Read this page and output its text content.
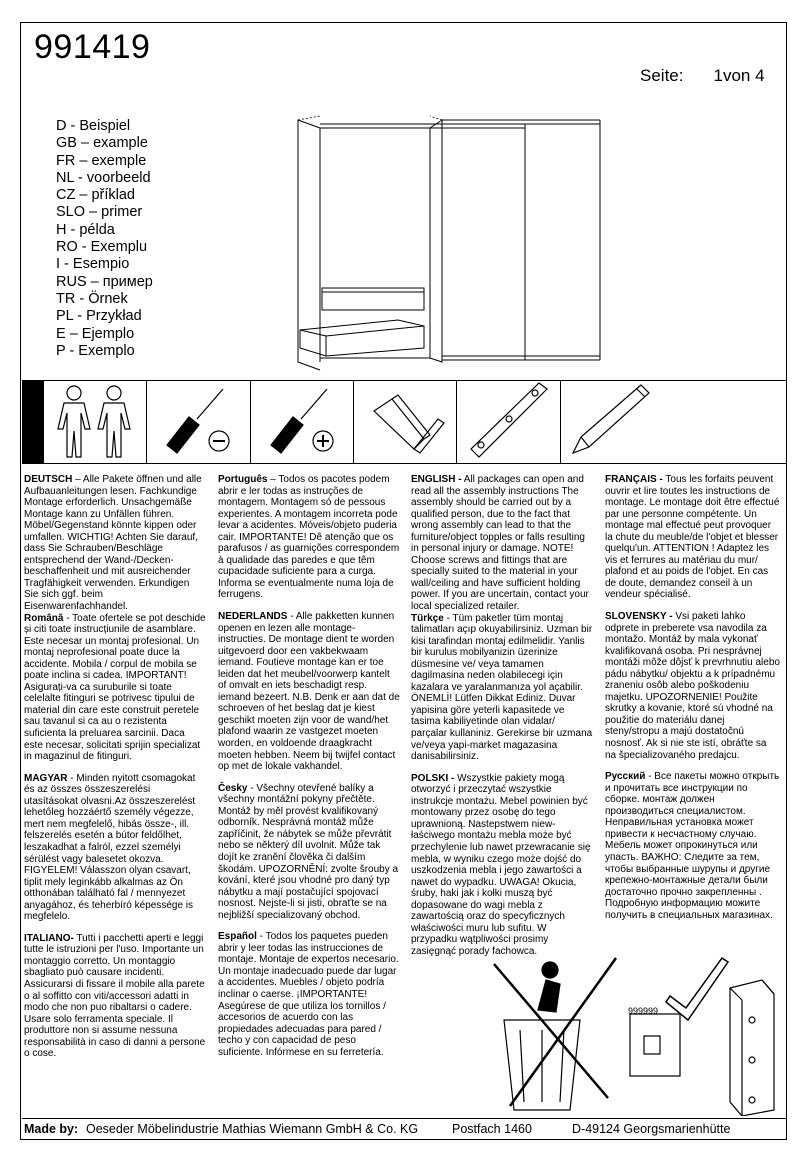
991419
Seite: 1von 4
D - Beispiel
GB – example
FR – exemple
NL - voorbeeld
CZ – příklad
SLO – primer
H - példa
RO - Exemplu
I - Esempio
RUS – пример
TR - Örnek
PL - Przykład
E – Ejemplo
P - Exemplo

DEUTSCH – Alle Pakete öffnen und alle Aufbauanleitungen lesen. Fachkundige Montage erforderlich. Unsachgemäße Montage kann zu Unfällen führen. Möbel/Gegenstand könnte kippen oder umfallen. WICHTIG! Achten Sie darauf, dass Sie Schrauben/Beschläge entsprechend der Wand-/Decken-beschaffenheit und mit ausreichender Tragfähigkeit verwenden. Erkundigen Sie sich ggf. beim Eisenwarenfachhandel.

Română - Toate ofertele se pot deschide și citi toate instrucțiunile de asamblare. Este necesar un montaj profesional. Un montaj neprofesional poate duce la accidente. Mobila / corpul de mobila se poate inclina si cadea. IMPORTANT! Asigurați-va ca suruburile si toate celelalte fitinguri se potrivesc tipului de material din care este construit peretele sau tavanul si ca au o rezistenta suficienta la preluarea sarcinii. Daca este necesar, solicitati sprijin specializat in magazinul de fitinguri.

MAGYAR - Minden nyitott csomagokat és az összes összeszerelési utasításokat olvasni.Az összeszerelést lehetőleg hozzáértő személy végezze, mert nem megfelelő, hibás össze-, ill. felszerelés esetén a bútor feldőlhet, leszakadhat a falról, ezzel személyi sérülést vagy balesetet okozva. FIGYELEM! Válasszon olyan csavart, tiplit mely leginkább alkalmas az Ön otthonában található fal / mennyezet anyagához, és teherbíró képessége is megfelelo.

ITALIANO- Tutti i pacchetti aperti e leggi tutte le istruzioni per l'uso. Importante un montaggio corretto. Un montaggio sbagliato può causare incidenti. Assicurarsi di fissare il mobile alla parete o al soffitto con viti/accessori adatti in modo che non puo ribaltarsi o cadere. Usare solo ferramenta speciale. Il produttore non si assume nessuna responsabilità in caso di danni a persone o cose.

Português – Todos os pacotes podem abrir e ler todas as instruções de montagem. Montagem só de pessous experientes. A montagem incorreta pode levar a acidentes. Móveis/objeto puderia cair. IMPORTANTE! Dê atenção que os parafusos / as guarnições correspondem à qualidade das paredes e que têm cupacidade suficiente para a curga. Informa se eventualmente numa loja de ferrugens.

NEDERLANDS - Alle pakketten kunnen openen en lezen alle montage-instructies. De montage dient te worden uitgevoerd door een vakbekwaam iemand. Foutieve montage kan er toe leiden dat het meubel/voorwerp kantelt of omvalt en iets beschadigt resp. iemand bezeert. N.B. Denk er aan dat de schroeven of het beslag dat je kiest geschikt moeten zijn voor de wand/het plafond waarin ze vastgezet moeten worden, en voldoende draagkracht moeten hebben. Neem bij twijfel contact op met de lokale vakhandel.

Česky - Všechny otevřené balíky a všechny montážní pokyny přečtěte. Montáž by měl provést kvalifikovaný odborník. Nesprávná montáž může zapříčinit, že nábytek se může převrátit nebo se některý díl uvolnit. Může tak dojít ke zranění člověka či dalším škodám. UPOZORNĚNÍ: zvolte šrouby a kování, které jsou vhodné pro daný typ nábytku a mají postačující spojovací nosnost. Nejste-li si jisti, obraťte se na nejbližší specializovaný obchod.

Español - Todos los paquetes pueden abrir y leer todas las instrucciones de montaje. Montaje de expertos necesario. Un montaje inadecuado puede dar lugar a accidentes. Muebles / objeto podría inclinar o caerse. ¡IMPORTANTE! Asegúrese de que utiliza los tornillos / accesorios de acuerdo con las propiedades adecuadas para pared / techo y con capacidad de peso suficiente. Infórmese en su ferretería.

ENGLISH - All packages can open and read all the assembly instructions The assembly should be carried out by a qualified person, due to the fact that wrong assembly can lead to that the furniture/object topples or falls resulting in personal injury or damage. NOTE! Choose screws and fittings that are specially suited to the material in your wall/ceiling and have sufficient holding power. If you are uncertain, contact your local specialized retailer.

Türkçe - Tüm paketler tüm montaj talimatları açıp okuyabilirsiniz. Uzman bir kisi tarafindan montaj edilmelidir. Yanlis bir kurulus mobilyanizin üzerinize düsmesine ve/ veya tamamen dagilmasina neden olabilecegi için kazalara ve yaralanmanıza yol açabilir. ÖNEMLİ! Lütfen Dikkat Ediniz. Duvar yapisina göre yeterli kapasitede ve tasima kabiliyetinde olan vidalar/ parçalar kullaniniz. Gerekirse bir uzmana ve/veya yapi-market magazasina danisabilirsiniz.

POLSKI - Wszystkie pakiety mogą otworzyć i przeczytać wszystkie instrukcje montażu. Mebel powinien być montowany przez osobę do tego uprawnioną. Nastepstwem niew-łaściwego montażu mebla może być przechylenie lub nawet przewracanie się mebla, w wyniku czego może dojść do uszkodzenia mebla i jego zawartości a nawet do wypadku. UWAGA! Okucia, śruby, haki jak i kołki muszą być dopasowane do wagi mebla z zawartością oraz do specyficznych właściwości muru lub sufitu. W przypadku wątpliwości prosimy zasięgnąć porady fachowca.

FRANÇAIS - Tous les forfaits peuvent ouvrir et lire toutes les instructions de montage. Le montage doit être effectué par une personne compétente. Un montage mal effectué peut provoquer la chute du meuble/de l'objet et blesser quelqu'un. ATTENTION ! Adaptez les vis et ferrures au matériau du mur/ plafond et au poids de l'objet. En cas de doute, demandez conseil à un vendeur spécialisé.

SLOVENSKY - Vsi paketi lahko odprete in preberete vsa navodila za montažo. Montáž by mala vykonať kvalifikovaná osoba. Pri nesprávnej montáži môže dôjsť k prevrhnutiu alebo pádu nábytku/ objektu a k prípadnému zraneniu osôb alebo poškodeniu majetku. UPOZORNENIE! Použite skrutky a kovanie, ktoré sú vhodné na použitie do materiálu danej steny/stropu a majú dostatočnú nosnosť. Ak si nie ste istí, obráťte sa na špecializovaného predajcu.

Русский - Все пакеты можно открыть и прочитать все инструкции по сборке. монтаж должен производиться специалистом. Неправильная установка может привести к несчастному случаю. Мебель может опрокинуться или упасть. ВАЖНО: Следите за тем, чтобы выбранные шурупы и другие крепежно-монтажные детали были достаточно прочно закрепленны . Подробную информацию можите получить в специальных магазинах.

999999
Made by: Oeseder Möbelindustrie Mathias Wiemann GmbH & Co. KG	Postfach 1460	D-49124 Georgsmarienhütte
